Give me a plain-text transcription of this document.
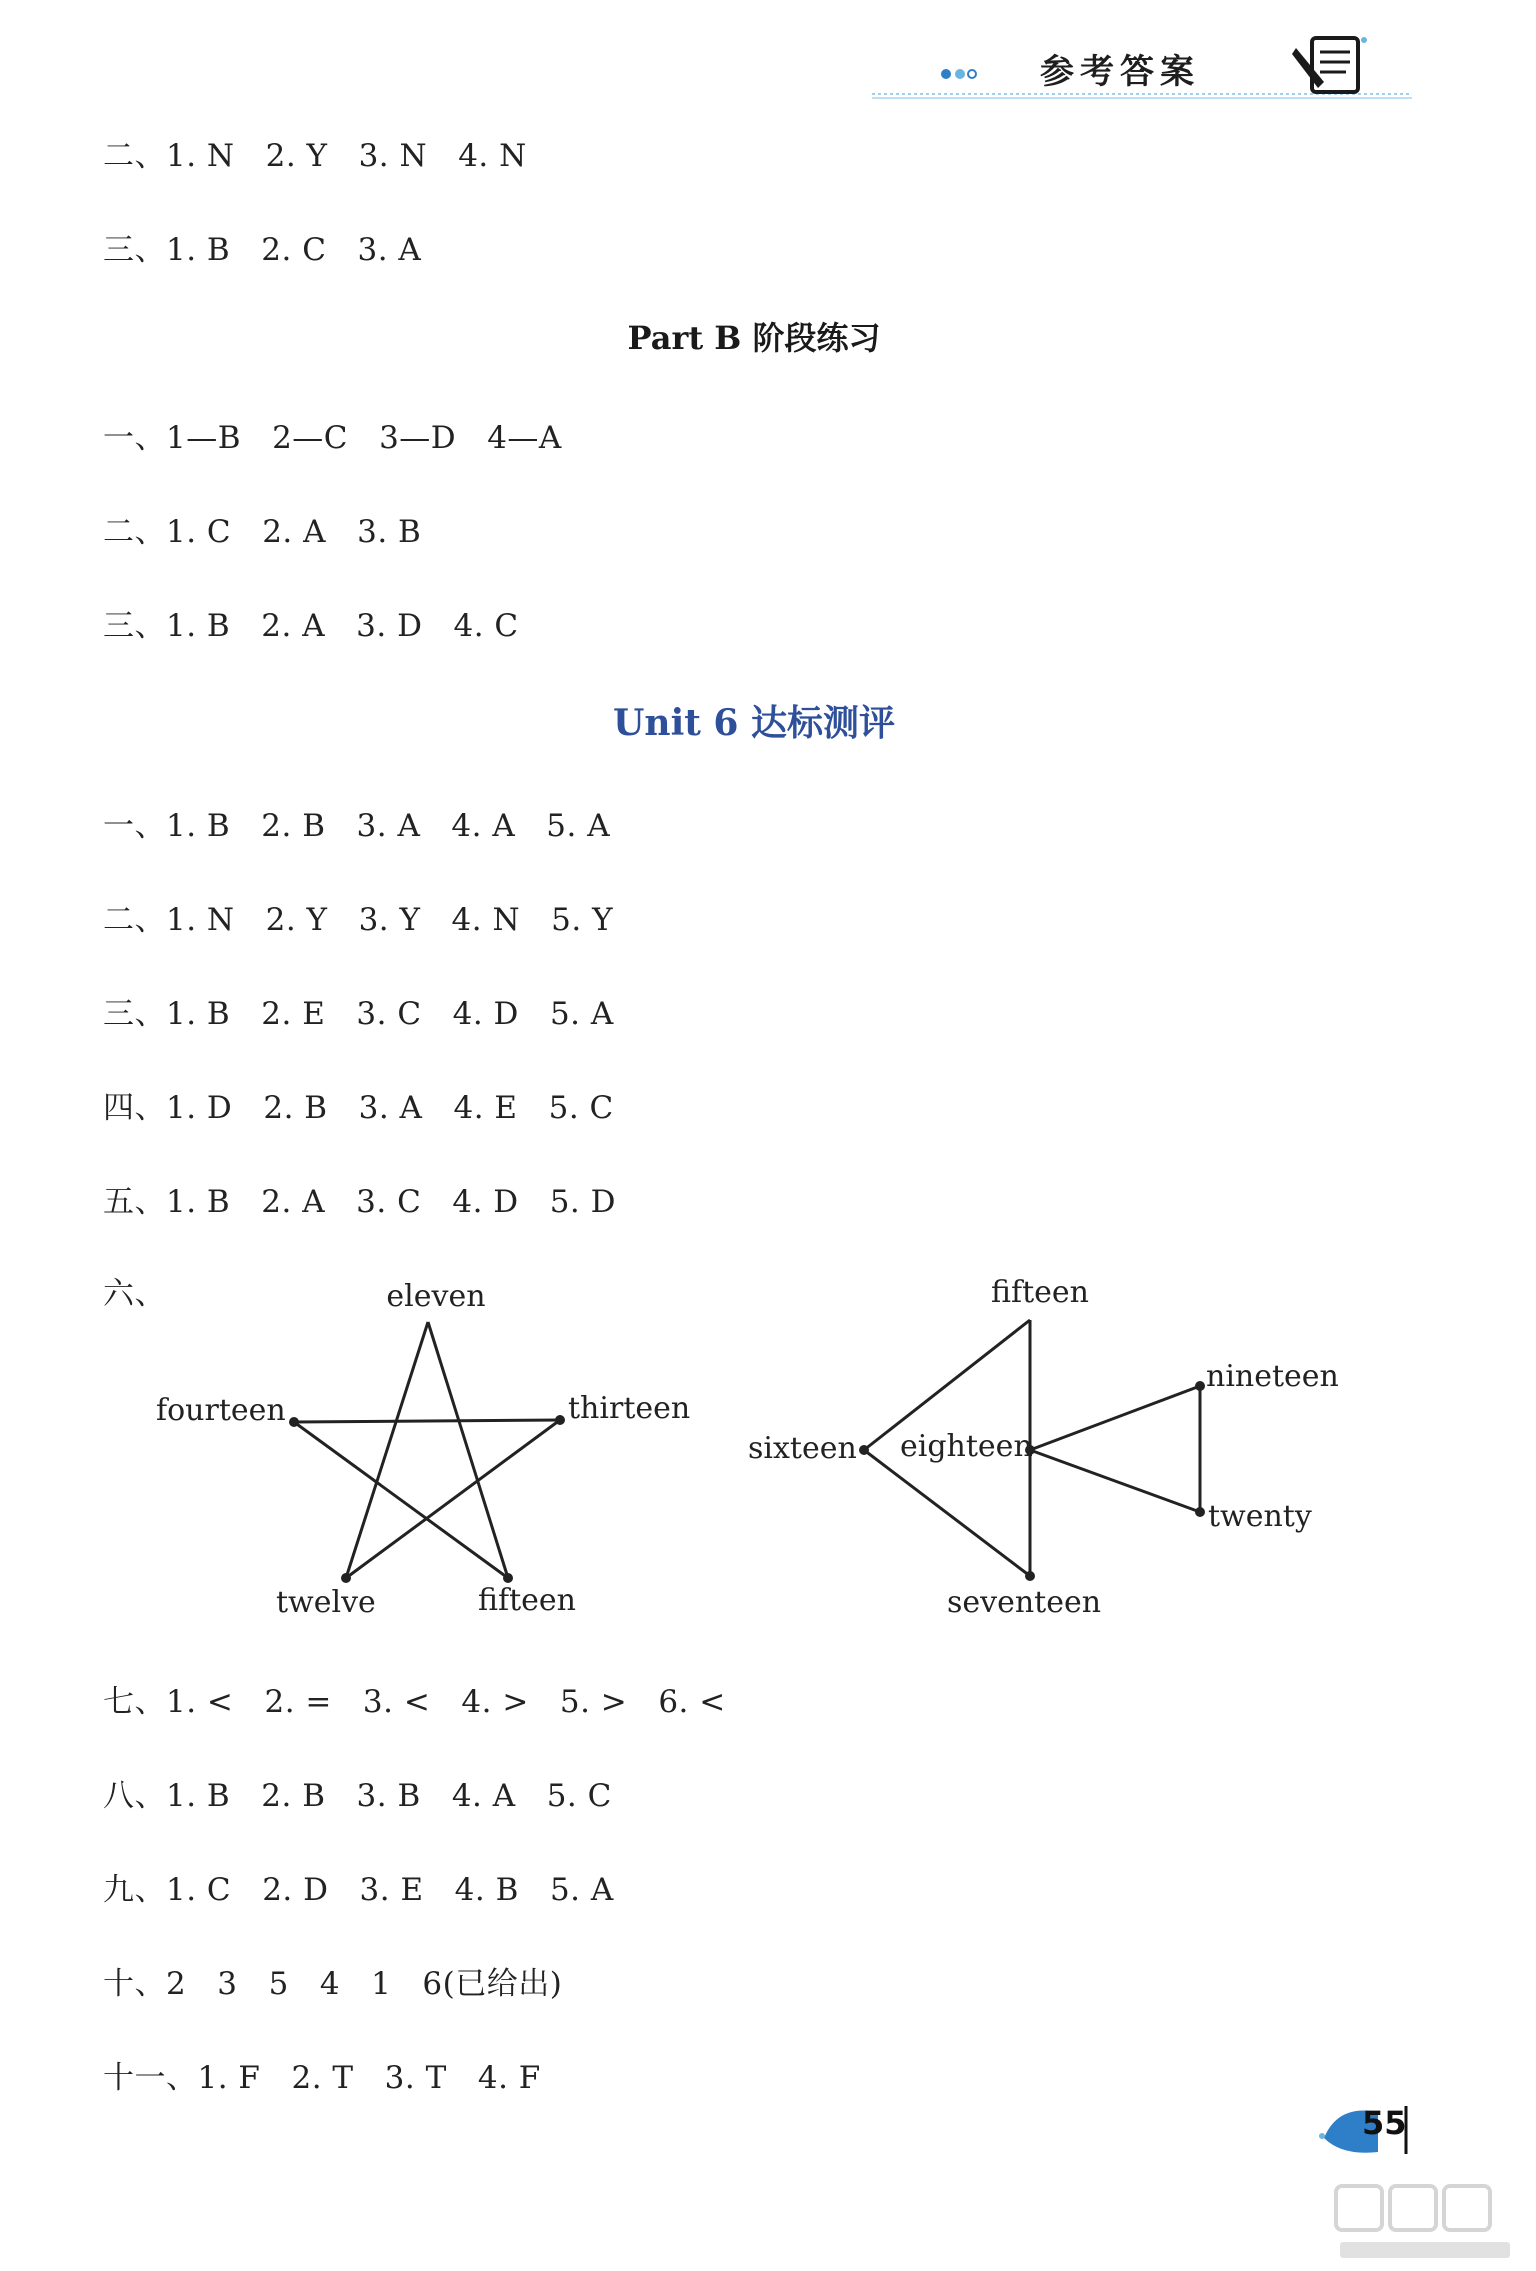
参考答案
二、1. N   2. Y   3. N   4. N
三、1. B   2. C   3. A
Part B 阶段练习
一、1—B   2—C   3—D   4—A
二、1. C   2. A   3. B
三、1. B   2. A   3. D   4. C
Unit 6 达标测评
一、1. B   2. B   3. A   4. A   5. A
二、1. N   2. Y   3. Y   4. N   5. Y
三、1. B   2. E   3. C   4. D   5. A
四、1. D   2. B   3. A   4. E   5. C
五、1. B   2. A   3. C   4. D   5. D
六、	eleven
fourteen	thirteen
twelve	fifteen
fifteen
sixteen eighteen
nineteen
twenty
seventeen
七、1. <   2. =   3. <   4. >   5. >   6. <
八、1. B   2. B   3. B   4. A   5. C
九、1. C   2. D   3. E   4. B   5. A
十、2   3   5   4   1   6(已给出)
十一、1. F   2. T   3. T   4. F
55
